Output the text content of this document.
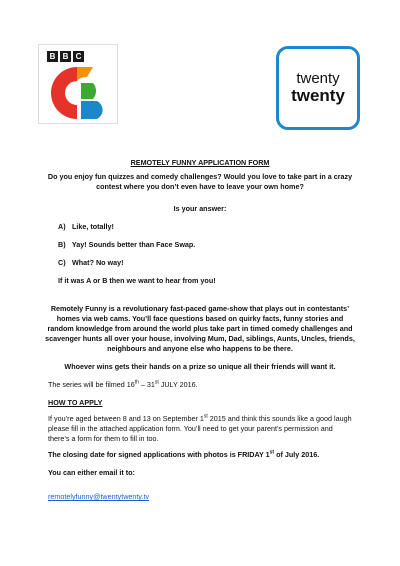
B B C
twenty
twenty
REMOTELY FUNNY APPLICATION FORM
Do you enjoy fun quizzes and comedy challenges? Would you love to take part in a crazy contest where you don’t even have to leave your own home?
Is your answer:
A) Like, totally!
B) Yay! Sounds better than Face Swap.
C) What? No way!
If it was A or B then we want to hear from you!
Remotely Funny is a revolutionary fast-paced game-show that plays out in contestants’ homes via web cams. You’ll face questions based on quirky facts, funny stories and random knowledge from around the world plus take part in timed comedy challenges and scavenger hunts all over your house, involving Mum, Dad, siblings, Aunts, Uncles, friends, neighbours and anyone else who happens to be there.
Whoever wins gets their hands on a prize so unique all their friends will want it.
The series will be filmed 16th – 31st JULY 2016.
HOW TO APPLY
If you’re aged between 8 and 13 on September 1st 2015 and think this sounds like a good laugh please fill in the attached application form. You’ll need to get your parent’s permission and there’s a form for them to fill in too.
The closing date for signed applications with photos is FRIDAY 1st of July 2016.
You can either email it to:
remotelyfunny@twentytwenty.tv
